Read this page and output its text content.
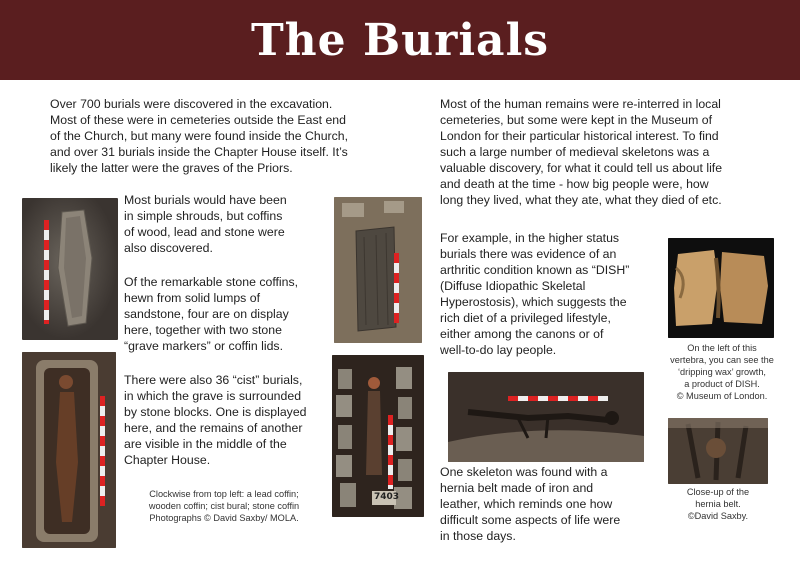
The Burials
Over 700 burials were discovered in the excavation.
Most of these were in cemeteries outside the East end
of the Church, but many were found inside the Church,
and over 31 burials inside the Chapter House itself. It’s
likely the latter were the graves of the Priors.
Most burials would have been
in simple shrouds, but coffins
of wood, lead and stone were
also discovered.
Of the remarkable stone coffins,
hewn from solid lumps of
sandstone, four are on display
here, together with two stone
“grave markers” or coffin lids.
There were also 36 “cist” burials,
in which the grave is surrounded
by stone blocks. One is displayed
here, and the remains of another
are visible in the middle of the
Chapter House.
Clockwise from top left: a lead coffin;
wooden coffin; cist bural; stone coffin
Photographs © David Saxby/ MOLA.
7403
Most of the human remains were re-interred in local
cemeteries, but some were kept in the Museum of
London for their particular historical interest. To find
such a large number of medieval skeletons was a
valuable discovery, for what it could tell us about life
and death at the time - how big people were, how
long they lived, what they ate, what they died of etc.
For example, in the higher status
burials there was evidence of an
arthritic condition known as “DISH”
(Diffuse Idiopathic Skeletal
Hyperostosis), which suggests the
rich diet of a privileged lifestyle,
either among the canons or of
well-to-do lay people.	On the left of this
vertebra, you can see the
‘dripping wax’ growth,
a product of DISH.
© Museum of London.
One skeleton was found with a
hernia belt made of iron and
leather, which reminds one how
difficult some aspects of life were
in those days.
Close-up of the
hernia belt.
©David Saxby.
